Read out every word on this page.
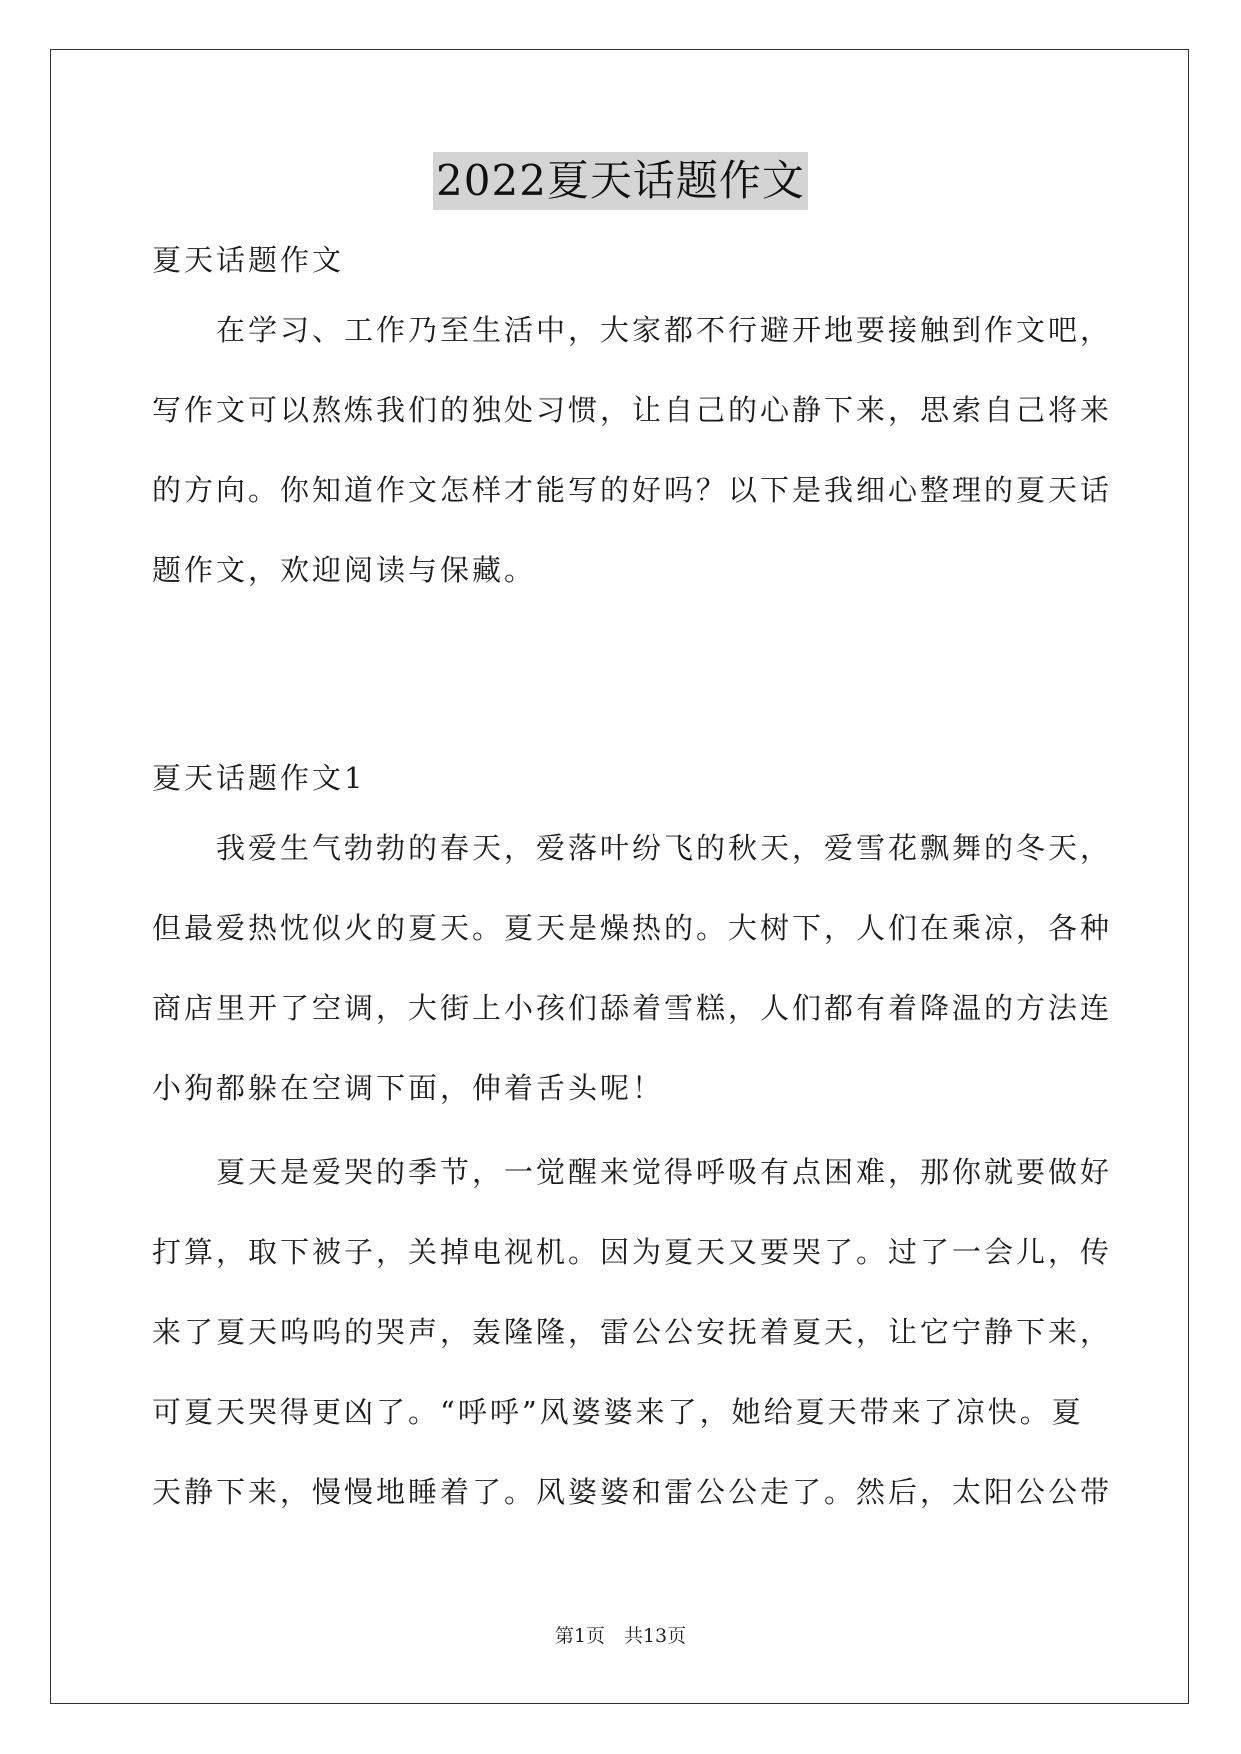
2022夏天话题作文
夏天话题作文
　　在学习、工作乃至生活中，大家都不行避开地要接触到作文吧，
写作文可以熬炼我们的独处习惯，让自己的心静下来，思索自己将来
的方向。你知道作文怎样才能写的好吗？以下是我细心整理的夏天话
题作文，欢迎阅读与保藏。
夏天话题作文1
　　我爱生气勃勃的春天，爱落叶纷飞的秋天，爱雪花飘舞的冬天，
但最爱热忱似火的夏天。夏天是燥热的。大树下，人们在乘凉，各种
商店里开了空调，大街上小孩们舔着雪糕，人们都有着降温的方法连
小狗都躲在空调下面，伸着舌头呢！
　　夏天是爱哭的季节，一觉醒来觉得呼吸有点困难，那你就要做好
打算，取下被子，关掉电视机。因为夏天又要哭了。过了一会儿，传
来了夏天呜呜的哭声，轰隆隆，雷公公安抚着夏天，让它宁静下来，
可夏天哭得更凶了。“呼呼”风婆婆来了，她给夏天带来了凉快。夏
天静下来，慢慢地睡着了。风婆婆和雷公公走了。然后，太阳公公带
第1页　共13页
